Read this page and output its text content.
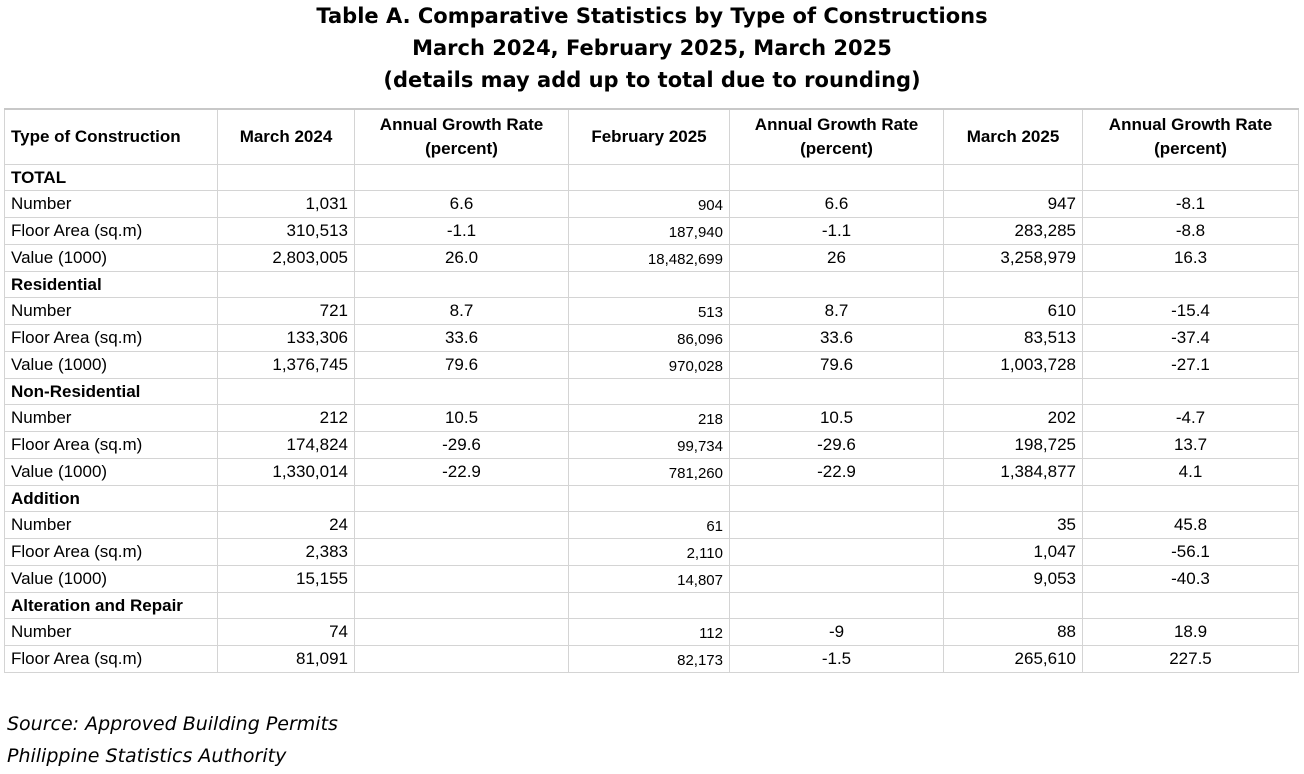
Table A. Comparative Statistics by Type of Constructions
March 2024, February 2025, March 2025
(details may add up to total due to rounding)
Type of Construction	March 2024	Annual Growth Rate (percent)	February 2025	Annual Growth Rate (percent)	March 2025	Annual Growth Rate (percent)
TOTAL						
Number	1,031	6.6	904	6.6	947	-8.1
Floor Area (sq.m)	310,513	-1.1	187,940	-1.1	283,285	-8.8
Value (1000)	2,803,005	26.0	18,482,699	26	3,258,979	16.3
Residential						
Number	721	8.7	513	8.7	610	-15.4
Floor Area (sq.m)	133,306	33.6	86,096	33.6	83,513	-37.4
Value (1000)	1,376,745	79.6	970,028	79.6	1,003,728	-27.1
Non-Residential						
Number	212	10.5	218	10.5	202	-4.7
Floor Area (sq.m)	174,824	-29.6	99,734	-29.6	198,725	13.7
Value (1000)	1,330,014	-22.9	781,260	-22.9	1,384,877	4.1
Addition						
Number	24		61		35	45.8
Floor Area (sq.m)	2,383		2,110		1,047	-56.1
Value (1000)	15,155		14,807		9,053	-40.3
Alteration and Repair						
Number	74		112	-9	88	18.9
Floor Area (sq.m)	81,091		82,173	-1.5	265,610	227.5
Source: Approved Building Permits
Philippine Statistics Authority
